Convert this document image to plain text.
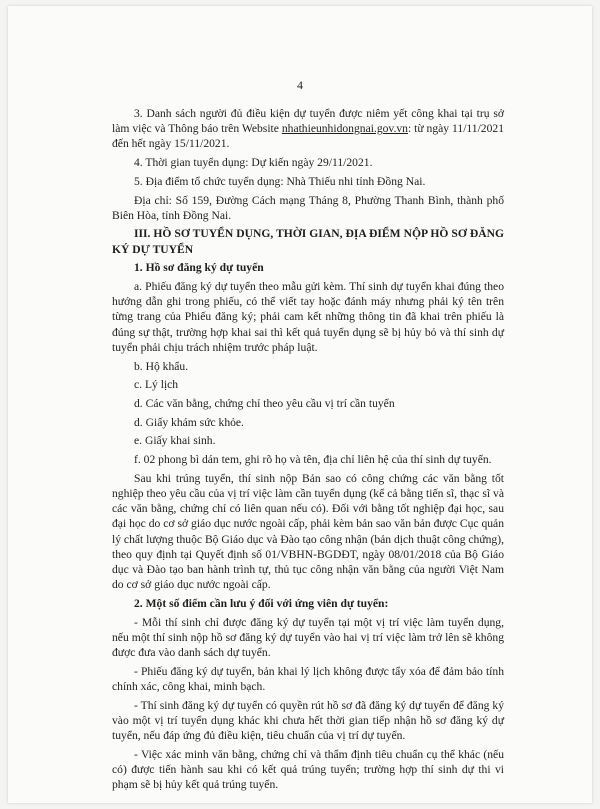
4

3. Danh sách người đủ điều kiện dự tuyển được niêm yết công khai tại trụ sở làm việc và Thông báo trên Website nhathieunhidongnai.gov.vn: từ ngày 11/11/2021 đến hết ngày 15/11/2021.

4. Thời gian tuyển dụng: Dự kiến ngày 29/11/2021.

5. Địa điểm tổ chức tuyển dụng: Nhà Thiếu nhi tỉnh Đồng Nai.

Địa chỉ: Số 159, Đường Cách mạng Tháng 8, Phường Thanh Bình, thành phố Biên Hòa, tỉnh Đồng Nai.

III. HỒ SƠ TUYỂN DỤNG, THỜI GIAN, ĐỊA ĐIỂM NỘP HỒ SƠ ĐĂNG KÝ DỰ TUYỂN

1. Hồ sơ đăng ký dự tuyển

a. Phiếu đăng ký dự tuyển theo mẫu gửi kèm. Thí sinh dự tuyển khai đúng theo hướng dẫn ghi trong phiếu, có thể viết tay hoặc đánh máy nhưng phải ký tên trên từng trang của Phiếu đăng ký; phải cam kết những thông tin đã khai trên phiếu là đúng sự thật, trường hợp khai sai thì kết quả tuyển dụng sẽ bị hủy bỏ và thí sinh dự tuyển phải chịu trách nhiệm trước pháp luật.

b. Hộ khẩu.

c. Lý lịch

d. Các văn bằng, chứng chỉ theo yêu cầu vị trí cần tuyển

d. Giấy khám sức khỏe.

e. Giấy khai sinh.

f. 02 phong bì dán tem, ghi rõ họ và tên, địa chỉ liên hệ của thí sinh dự tuyển.

Sau khi trúng tuyển, thí sinh nộp Bản sao có công chứng các văn bằng tốt nghiệp theo yêu cầu của vị trí việc làm cần tuyển dụng (kể cả bằng tiến sĩ, thạc sĩ và các văn bằng, chứng chỉ có liên quan nếu có). Đối với bằng tốt nghiệp đại học, sau đại học do cơ sở giáo dục nước ngoài cấp, phải kèm bản sao văn bản được Cục quản lý chất lượng thuộc Bộ Giáo dục và Đào tạo công nhận (bản dịch thuật công chứng), theo quy định tại Quyết định số 01/VBHN-BGDĐT, ngày 08/01/2018 của Bộ Giáo dục và Đào tạo ban hành trình tự, thủ tục công nhận văn bằng của người Việt Nam do cơ sở giáo dục nước ngoài cấp.

2. Một số điểm cần lưu ý đối với ứng viên dự tuyển:

- Mỗi thí sinh chỉ được đăng ký dự tuyển tại một vị trí việc làm tuyển dụng, nếu một thí sinh nộp hồ sơ đăng ký dự tuyển vào hai vị trí việc làm trở lên sẽ không được đưa vào danh sách dự tuyển.

- Phiếu đăng ký dự tuyển, bản khai lý lịch không được tẩy xóa để đảm bảo tính chính xác, công khai, minh bạch.

- Thí sinh đăng ký dự tuyển có quyền rút hồ sơ đã đăng ký dự tuyển để đăng ký vào một vị trí tuyển dụng khác khi chưa hết thời gian tiếp nhận hồ sơ đăng ký dự tuyển, nếu đáp ứng đủ điều kiện, tiêu chuẩn của vị trí dự tuyển.

- Việc xác minh văn bằng, chứng chỉ và thẩm định tiêu chuẩn cụ thể khác (nếu có) được tiến hành sau khi có kết quả trúng tuyển; trường hợp thí sinh dự thi vi phạm sẽ bị hủy kết quả trúng tuyển.
